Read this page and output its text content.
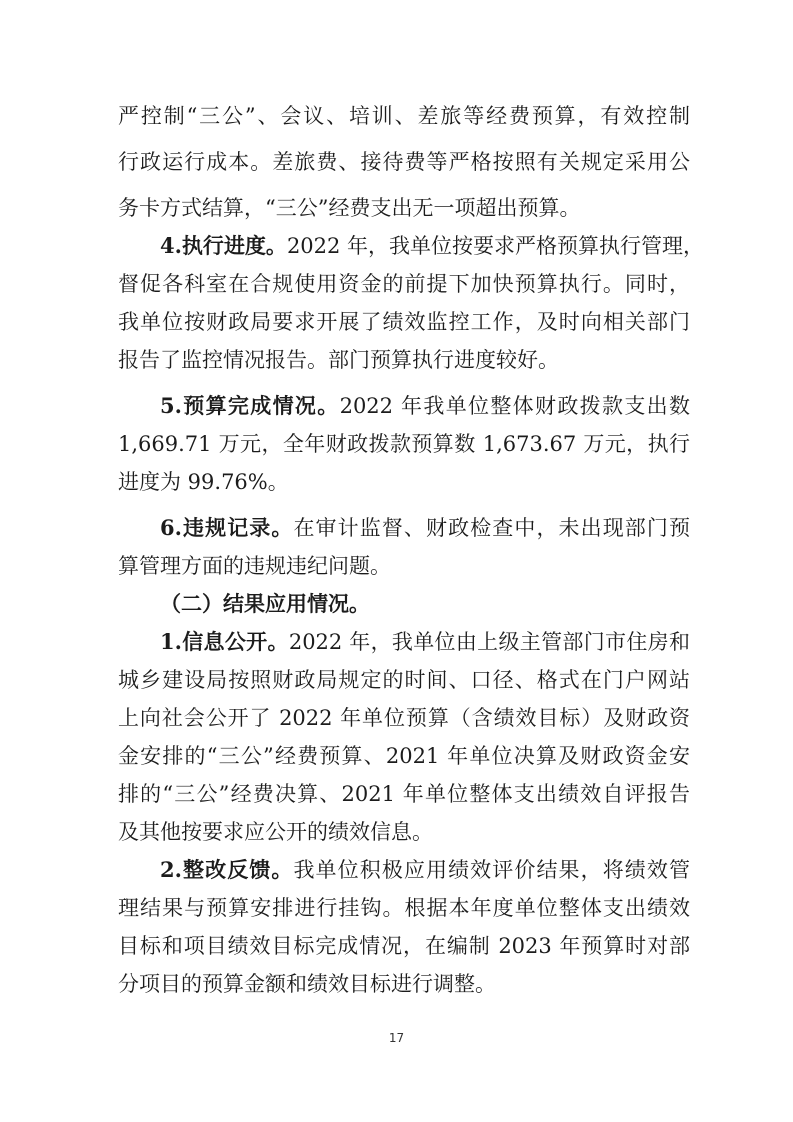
严控制“三公”、会议、培训、差旅等经费预算，有效控制
行政运行成本。差旅费、接待费等严格按照有关规定采用公
务卡方式结算，“三公”经费支出无一项超出预算。
4.执行进度。2022 年，我单位按要求严格预算执行管理，
督促各科室在合规使用资金的前提下加快预算执行。同时，
我单位按财政局要求开展了绩效监控工作，及时向相关部门
报告了监控情况报告。部门预算执行进度较好。
5.预算完成情况。2022 年我单位整体财政拨款支出数
1,669.71 万元，全年财政拨款预算数 1,673.67 万元，执行
进度为 99.76%。
6.违规记录。在审计监督、财政检查中，未出现部门预
算管理方面的违规违纪问题。
（二）结果应用情况。
1.信息公开。2022 年，我单位由上级主管部门市住房和
城乡建设局按照财政局规定的时间、口径、格式在门户网站
上向社会公开了 2022 年单位预算（含绩效目标）及财政资
金安排的“三公”经费预算、2021 年单位决算及财政资金安
排的“三公”经费决算、2021 年单位整体支出绩效自评报告
及其他按要求应公开的绩效信息。
2.整改反馈。我单位积极应用绩效评价结果，将绩效管
理结果与预算安排进行挂钩。根据本年度单位整体支出绩效
目标和项目绩效目标完成情况，在编制 2023 年预算时对部
分项目的预算金额和绩效目标进行调整。
17
